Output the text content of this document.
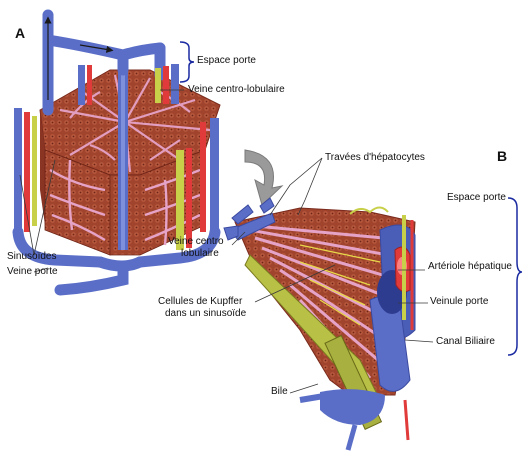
A
B
Espace porte
Veine centro-lobulaire
Sinusoïdes
Veine porte
Travées d'hépatocytes
Espace porte
Artériole hépatique
Veinule porte
Canal Biliaire
Veine centro
lobulaire
Cellules de Kupffer
dans un sinusoïde
Bile
